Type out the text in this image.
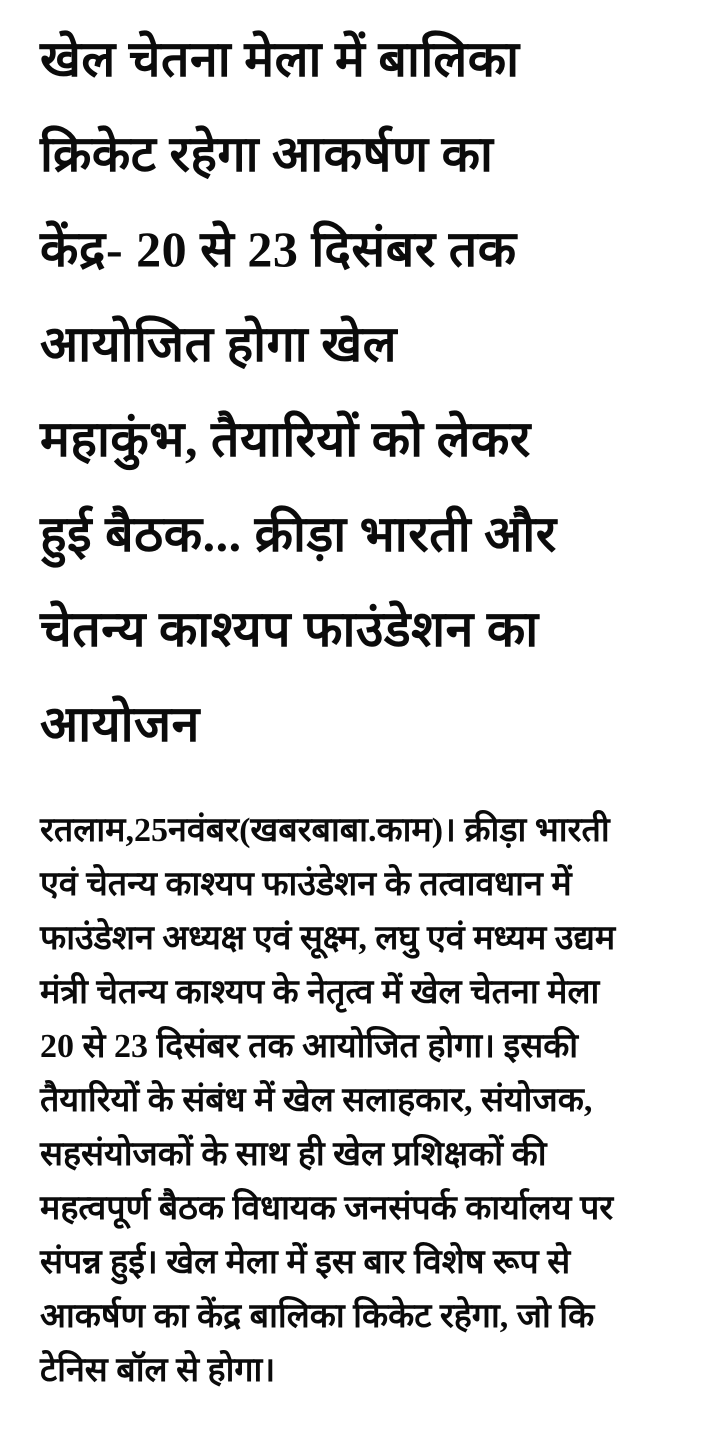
खेल चेतना मेला में बालिका
क्रिकेट रहेगा आकर्षण का
केंद्र- 20 से 23 दिसंबर तक
आयोजित होगा खेल
महाकुंभ, तैयारियों को लेकर
हुई बैठक... क्रीड़ा भारती और
चेतन्य काश्यप फाउंडेशन का
आयोजन

रतलाम,25नवंबर(खबरबाबा.काम)। क्रीड़ा भारती
एवं चेतन्य काश्यप फाउंडेशन के तत्वावधान में
फाउंडेशन अध्यक्ष एवं सूक्ष्म, लघु एवं मध्यम उद्यम
मंत्री चेतन्य काश्यप के नेतृत्व में खेल चेतना मेला
20 से 23 दिसंबर तक आयोजित होगा। इसकी
तैयारियों के संबंध में खेल सलाहकार, संयोजक,
सहसंयोजकों के साथ ही खेल प्रशिक्षकों की
महत्वपूर्ण बैठक विधायक जनसंपर्क कार्यालय पर
संपन्न हुई। खेल मेला में इस बार विशेष रूप से
आकर्षण का केंद्र बालिका किकेट रहेगा, जो कि
टेनिस बॉल से होगा।
